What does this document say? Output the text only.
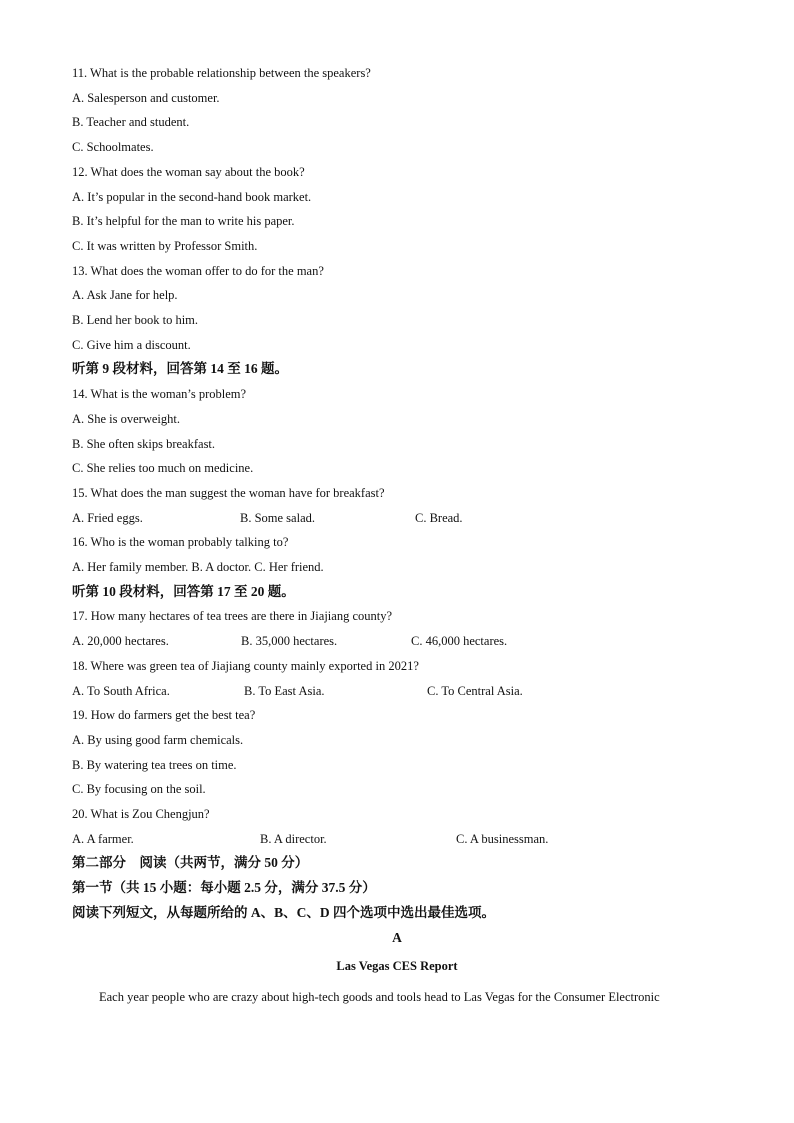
11. What is the probable relationship between the speakers?
A. Salesperson and customer.
B. Teacher and student.
C. Schoolmates.
12. What does the woman say about the book?
A. It’s popular in the second-hand book market.
B. It’s helpful for the man to write his paper.
C. It was written by Professor Smith.
13. What does the woman offer to do for the man?
A. Ask Jane for help.
B. Lend her book to him.
C. Give him a discount.
听第 9 段材料，回答第 14 至 16 题。
14. What is the woman’s problem?
A. She is overweight.
B. She often skips breakfast.
C. She relies too much on medicine.
15. What does the man suggest the woman have for breakfast?
A. Fried eggs.	B. Some salad.	C. Bread.
16. Who is the woman probably talking to?
A. Her family member. B. A doctor. C. Her friend.
听第 10 段材料，回答第 17 至 20 题。
17. How many hectares of tea trees are there in Jiajiang county?
A. 20,000 hectares.	B. 35,000 hectares.	C. 46,000 hectares.
18. Where was green tea of Jiajiang county mainly exported in 2021?
A. To South Africa.	B. To East Asia.	C. To Central Asia.
19. How do farmers get the best tea?
A. By using good farm chemicals.
B. By watering tea trees on time.
C. By focusing on the soil.
20. What is Zou Chengjun?
A. A farmer.	B. A director.	C. A businessman.
第二部分　阅读（共两节，满分 50 分）
第一节（共 15 小题：每小题 2.5 分，满分 37.5 分）
阅读下列短文，从每题所给的 A、B、C、D 四个选项中选出最佳选项。
A
Las Vegas CES Report
Each year people who are crazy about high-tech goods and tools head to Las Vegas for the Consumer Electronic
